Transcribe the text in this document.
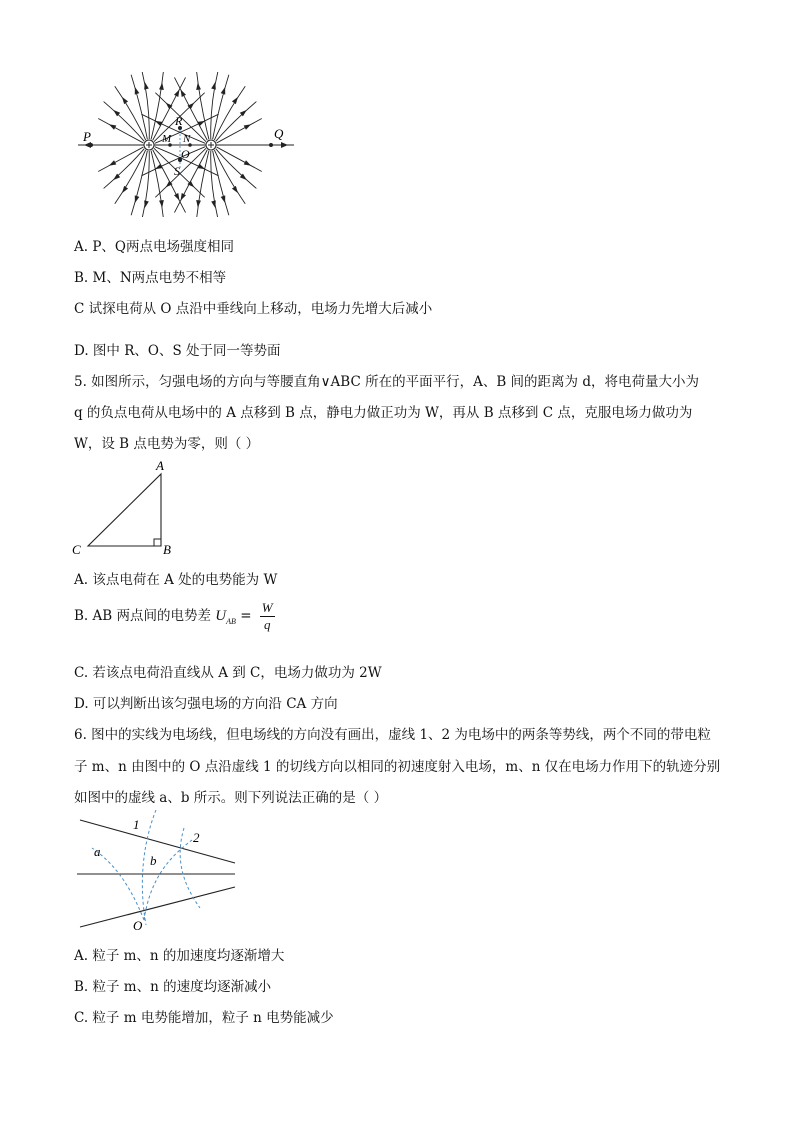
P	Q
R
M N
O
S
A. P、Q两点电场强度相同
B. M、N两点电势不相等
C 试探电荷从 O 点沿中垂线向上移动，电场力先增大后减小
D. 图中 R、O、S 处于同一等势面
5. 如图所示，匀强电场的方向与等腰直角∨ABC 所在的平面平行，A、B 间的距离为 d，将电荷量大小为
q 的负点电荷从电场中的 A 点移到 B 点，静电力做正功为 W，再从 B 点移到 C 点，克服电场力做功为
W，设 B 点电势为零，则（ ）
A
B
C
A. 该点电荷在 A 处的电势能为 W
B. AB 两点间的电势差 $U_{AB} = \frac{W}{q}$
C. 若该点电荷沿直线从 A 到 C，电场力做功为 2W
D. 可以判断出该匀强电场的方向沿 CA 方向
6. 图中的实线为电场线，但电场线的方向没有画出，虚线 1、2 为电场中的两条等势线，两个不同的带电粒
子 m、n 由图中的 O 点沿虚线 1 的切线方向以相同的初速度射入电场，m、n 仅在电场力作用下的轨迹分别
如图中的虚线 a、b 所示。则下列说法正确的是（ ）
1
2
a
b
O
A. 粒子 m、n 的加速度均逐渐增大
B. 粒子 m、n 的速度均逐渐减小
C. 粒子 m 电势能增加，粒子 n 电势能减少
